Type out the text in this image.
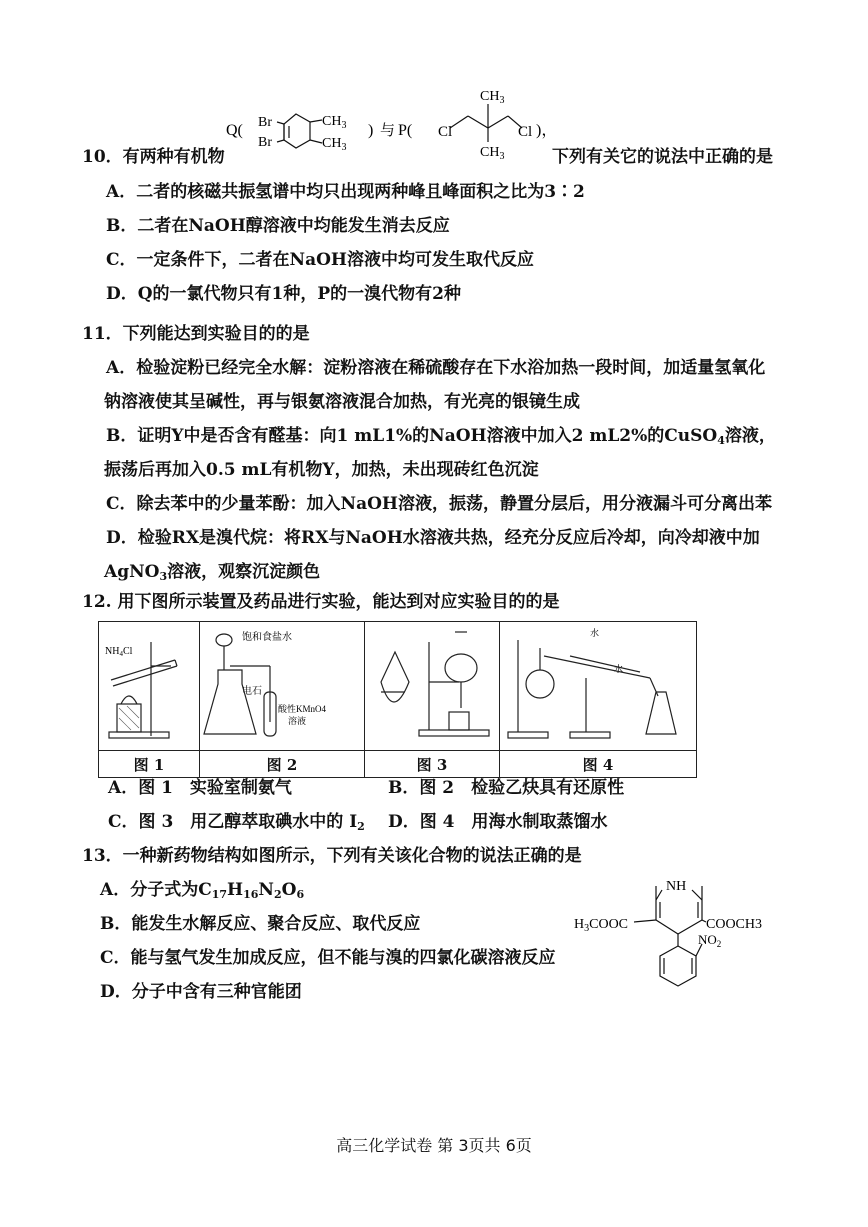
Q( Br
Br
$CH_3$
$CH_3$
) 与 P(
$CH_3$
$CH_3$
Cl	Cl )，
10．有两种有机物	下列有关它的说法中正确的是
A．二者的核磁共振氢谱中均只出现两种峰且峰面积之比为3∶2
B．二者在NaOH醇溶液中均能发生消去反应
C．一定条件下，二者在NaOH溶液中均可发生取代反应
D．Q的一氯代物只有1种，P的一溴代物有2种
11．下列能达到实验目的的是
A．检验淀粉已经完全水解：淀粉溶液在稀硫酸存在下水浴加热一段时间，加适量氢氧化
钠溶液使其呈碱性，再与银氨溶液混合加热，有光亮的银镜生成
B．证明Y中是否含有醛基：向1 mL1%的NaOH溶液中加入2 mL2%的CuSO$_4$溶液，
振荡后再加入0.5 mL有机物Y，加热，未出现砖红色沉淀
C．除去苯中的少量苯酚：加入NaOH溶液，振荡，静置分层后，用分液漏斗可分离出苯
D．检验RX是溴代烷：将RX与NaOH水溶液共热，经充分反应后冷却，向冷却液中加
AgNO$_3$溶液，观察沉淀颜色
12. 用下图所示装置及药品进行实验，能达到对应实验目的的是
$NH_4Cl$	饱和食盐水
电石
酸性KMnO4
溶液		水
水

图 1	图 2	图 3	图 4
A．图 1　实验室制氨气	B．图 2　检验乙炔具有还原性
C．图 3　用乙醇萃取碘水中的 $I_2$ D．图 4　用海水制取蒸馏水
13．一种新药物结构如图所示，下列有关该化合物的说法正确的是
A．分子式为$C_{17}H_{16}N_2O_6$
B．能发生水解反应、聚合反应、取代反应
C．能与氢气发生加成反应，但不能与溴的四氯化碳溶液反应
D．分子中含有三种官能团
NH
$H_3COOC$	COOCH3
$NO_2$
高三化学试卷 第 3页共 6页
